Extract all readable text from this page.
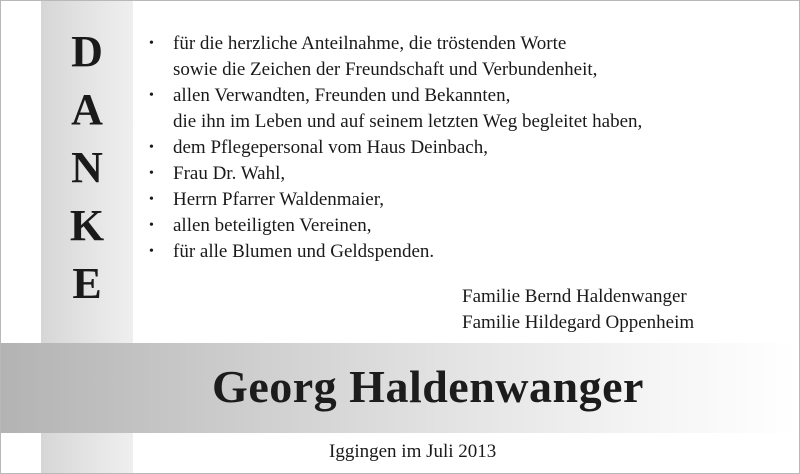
D
A
N
K
E
• für die herzliche Anteilnahme, die tröstenden Worte
sowie die Zeichen der Freundschaft und Verbundenheit,
• allen Verwandten, Freunden und Bekannten,
die ihn im Leben und auf seinem letzten Weg begleitet haben,
• dem Pflegepersonal vom Haus Deinbach,
• Frau Dr. Wahl,
• Herrn Pfarrer Waldenmaier,
• allen beteiligten Vereinen,
• für alle Blumen und Geldspenden.
Familie Bernd Haldenwanger
Familie Hildegard Oppenheim
Georg Haldenwanger
Iggingen im Juli 2013
